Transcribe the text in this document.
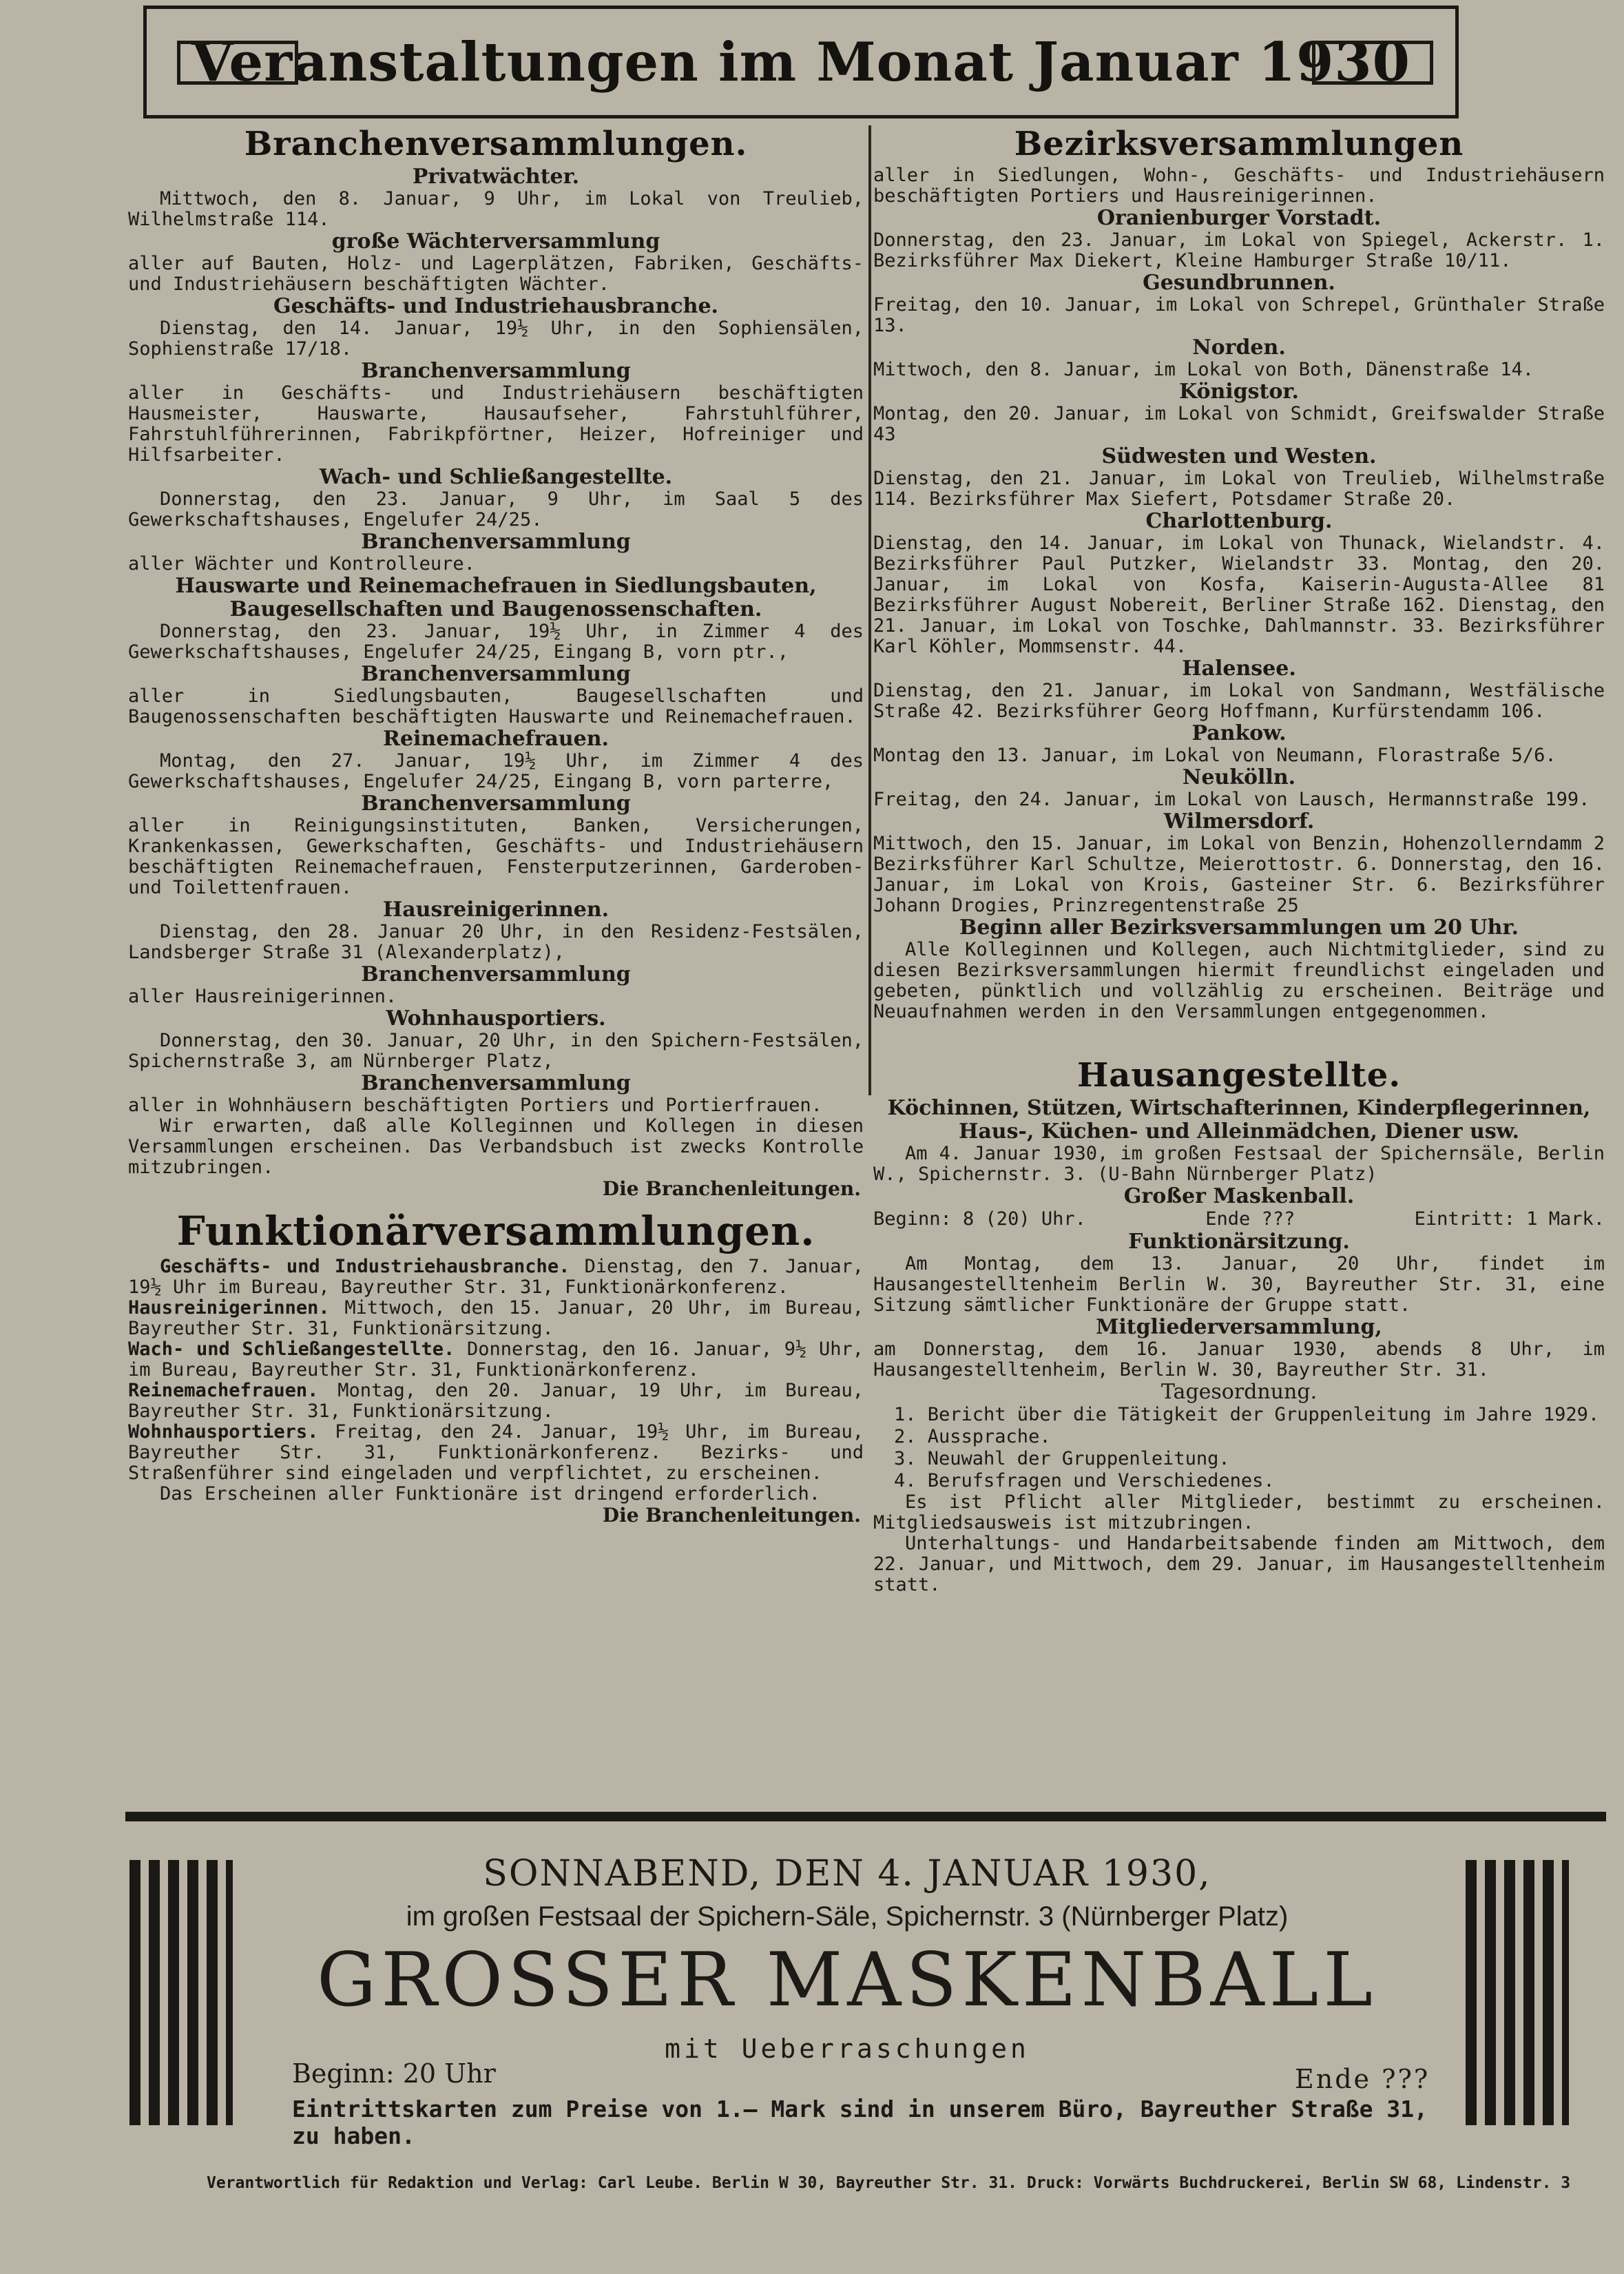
Veranstaltungen im Monat Januar 1930
Branchenversammlungen.
Privatwächter.

Mittwoch, den 8. Januar, 9 Uhr, im Lokal von Treulieb, Wilhelmstraße 114.

große Wächterversammlung

aller auf Bauten, Holz- und Lagerplätzen, Fabriken, Geschäfts- und Industriehäusern beschäftigten Wächter.

Geschäfts- und Industriehausbranche.

Dienstag, den 14. Januar, 19½ Uhr, in den Sophiensälen, Sophienstraße 17/18.

Branchenversammlung

aller in Geschäfts- und Industriehäusern beschäftigten Hausmeister, Hauswarte, Hausaufseher, Fahrstuhlführer, Fahrstuhlführerinnen, Fabrikpförtner, Heizer, Hofreiniger und Hilfsarbeiter.

Wach- und Schließangestellte.

Donnerstag, den 23. Januar, 9 Uhr, im Saal 5 des Gewerkschaftshauses, Engelufer 24/25.

Branchenversammlung

aller Wächter und Kontrolleure.

Hauswarte und Reinemachefrauen in Siedlungsbauten, Baugesellschaften und Baugenossenschaften.

Donnerstag, den 23. Januar, 19½ Uhr, in Zimmer 4 des Gewerkschaftshauses, Engelufer 24/25, Eingang B, vorn ptr.,

Branchenversammlung

aller in Siedlungsbauten, Baugesellschaften und Baugenossenschaften beschäftigten Hauswarte und Reinemachefrauen.

Reinemachefrauen.

Montag, den 27. Januar, 19½ Uhr, im Zimmer 4 des Gewerkschaftshauses, Engelufer 24/25, Eingang B, vorn parterre,

Branchenversammlung

aller in Reinigungsinstituten, Banken, Versicherungen, Krankenkassen, Gewerkschaften, Geschäfts- und Industriehäusern beschäftigten Reinemachefrauen, Fensterputzerinnen, Garderoben- und Toilettenfrauen.

Hausreinigerinnen.

Dienstag, den 28. Januar 20 Uhr, in den Residenz-Festsälen, Landsberger Straße 31 (Alexanderplatz),

Branchenversammlung

aller Hausreinigerinnen.

Wohnhausportiers.

Donnerstag, den 30. Januar, 20 Uhr, in den Spichern-Festsälen, Spichernstraße 3, am Nürnberger Platz,

Branchenversammlung

aller in Wohnhäusern beschäftigten Portiers und Portierfrauen.

Wir erwarten, daß alle Kolleginnen und Kollegen in diesen Versammlungen erscheinen. Das Verbandsbuch ist zwecks Kontrolle mitzubringen.

Die Branchenleitungen.
Funktionärversammlungen.

Geschäfts- und Industriehausbranche. Dienstag, den 7. Januar, 19½ Uhr im Bureau, Bayreuther Str. 31, Funktionärkonferenz.

Hausreinigerinnen. Mittwoch, den 15. Januar, 20 Uhr, im Bureau, Bayreuther Str. 31, Funktionärsitzung.

Wach- und Schließangestellte. Donnerstag, den 16. Januar, 9½ Uhr, im Bureau, Bayreuther Str. 31, Funktionärkonferenz.

Reinemachefrauen. Montag, den 20. Januar, 19 Uhr, im Bureau, Bayreuther Str. 31, Funktionärsitzung.

Wohnhausportiers. Freitag, den 24. Januar, 19½ Uhr, im Bureau, Bayreuther Str. 31, Funktionärkonferenz. Bezirks- und Straßenführer sind eingeladen und verpflichtet, zu erscheinen.

Das Erscheinen aller Funktionäre ist dringend erforderlich.

Die Branchenleitungen.
Bezirksversammlungen

aller in Siedlungen, Wohn-, Geschäfts- und Industriehäusern beschäftigten Portiers und Hausreinigerinnen.

Oranienburger Vorstadt.

Donnerstag, den 23. Januar, im Lokal von Spiegel, Ackerstr. 1. Bezirksführer Max Diekert, Kleine Hamburger Straße 10/11.

Gesundbrunnen.

Freitag, den 10. Januar, im Lokal von Schrepel, Grünthaler Straße 13.

Norden.

Mittwoch, den 8. Januar, im Lokal von Both, Dänenstraße 14.

Königstor.

Montag, den 20. Januar, im Lokal von Schmidt, Greifswalder Straße 43

Südwesten und Westen.

Dienstag, den 21. Januar, im Lokal von Treulieb, Wilhelmstraße 114. Bezirksführer Max Siefert, Potsdamer Straße 20.

Charlottenburg.

Dienstag, den 14. Januar, im Lokal von Thunack, Wielandstr. 4. Bezirksführer Paul Putzker, Wielandstr 33. Montag, den 20. Januar, im Lokal von Kosfa, Kaiserin-Augusta-Allee 81 Bezirksführer August Nobereit, Berliner Straße 162. Dienstag, den 21. Januar, im Lokal von Toschke, Dahlmannstr. 33. Bezirksführer Karl Köhler, Mommsenstr. 44.

Halensee.

Dienstag, den 21. Januar, im Lokal von Sandmann, Westfälische Straße 42. Bezirksführer Georg Hoffmann, Kurfürstendamm 106.

Pankow.

Montag den 13. Januar, im Lokal von Neumann, Florastraße 5/6.

Neukölln.

Freitag, den 24. Januar, im Lokal von Lausch, Hermannstraße 199.

Wilmersdorf.

Mittwoch, den 15. Januar, im Lokal von Benzin, Hohenzollerndamm 2 Bezirksführer Karl Schultze, Meierottostr. 6. Donnerstag, den 16. Januar, im Lokal von Krois, Gasteiner Str. 6. Bezirksführer Johann Drogies, Prinzregentenstraße 25

Beginn aller Bezirksversammlungen um 20 Uhr.

Alle Kolleginnen und Kollegen, auch Nichtmitglieder, sind zu diesen Bezirksversammlungen hiermit freundlichst eingeladen und gebeten, pünktlich und vollzählig zu erscheinen. Beiträge und Neuaufnahmen werden in den Versammlungen entgegenommen.

Hausangestellte.
Köchinnen, Stützen, Wirtschafterinnen, Kinderpflegerinnen, Haus-, Küchen- und Alleinmädchen, Diener usw.

Am 4. Januar 1930, im großen Festsaal der Spichernsäle, Berlin W., Spichernstr. 3. (U-Bahn Nürnberger Platz)

Großer Maskenball.
Beginn: 8 (20) Uhr.	Ende ???	Eintritt: 1 Mark.
Funktionärsitzung.

Am Montag, dem 13. Januar, 20 Uhr, findet im Hausangestelltenheim Berlin W. 30, Bayreuther Str. 31, eine Sitzung sämtlicher Funktionäre der Gruppe statt.

Mitgliederversammlung,

am Donnerstag, dem 16. Januar 1930, abends 8 Uhr, im Hausangestelltenheim, Berlin W. 30, Bayreuther Str. 31.

Tagesordnung.
1. Bericht über die Tätigkeit der Gruppenleitung im Jahre 1929.
2. Aussprache.
3. Neuwahl der Gruppenleitung.
4. Berufsfragen und Verschiedenes.

Es ist Pflicht aller Mitglieder, bestimmt zu erscheinen. Mitgliedsausweis ist mitzubringen.

Unterhaltungs- und Handarbeitsabende finden am Mittwoch, dem 22. Januar, und Mittwoch, dem 29. Januar, im Hausangestelltenheim statt.

SONNABEND, DEN 4. JANUAR 1930,
im großen Festsaal der Spichern-Säle, Spichernstr. 3 (Nürnberger Platz)
GROSSER MASKENBALL
mit Ueberraschungen
Beginn: 20 Uhr	Ende ???
Eintrittskarten zum Preise von 1.— Mark sind in unserem Büro, Bayreuther Straße 31, zu haben.
Verantwortlich für Redaktion und Verlag: Carl Leube. Berlin W 30, Bayreuther Str. 31. Druck: Vorwärts Buchdruckerei, Berlin SW 68, Lindenstr. 3
